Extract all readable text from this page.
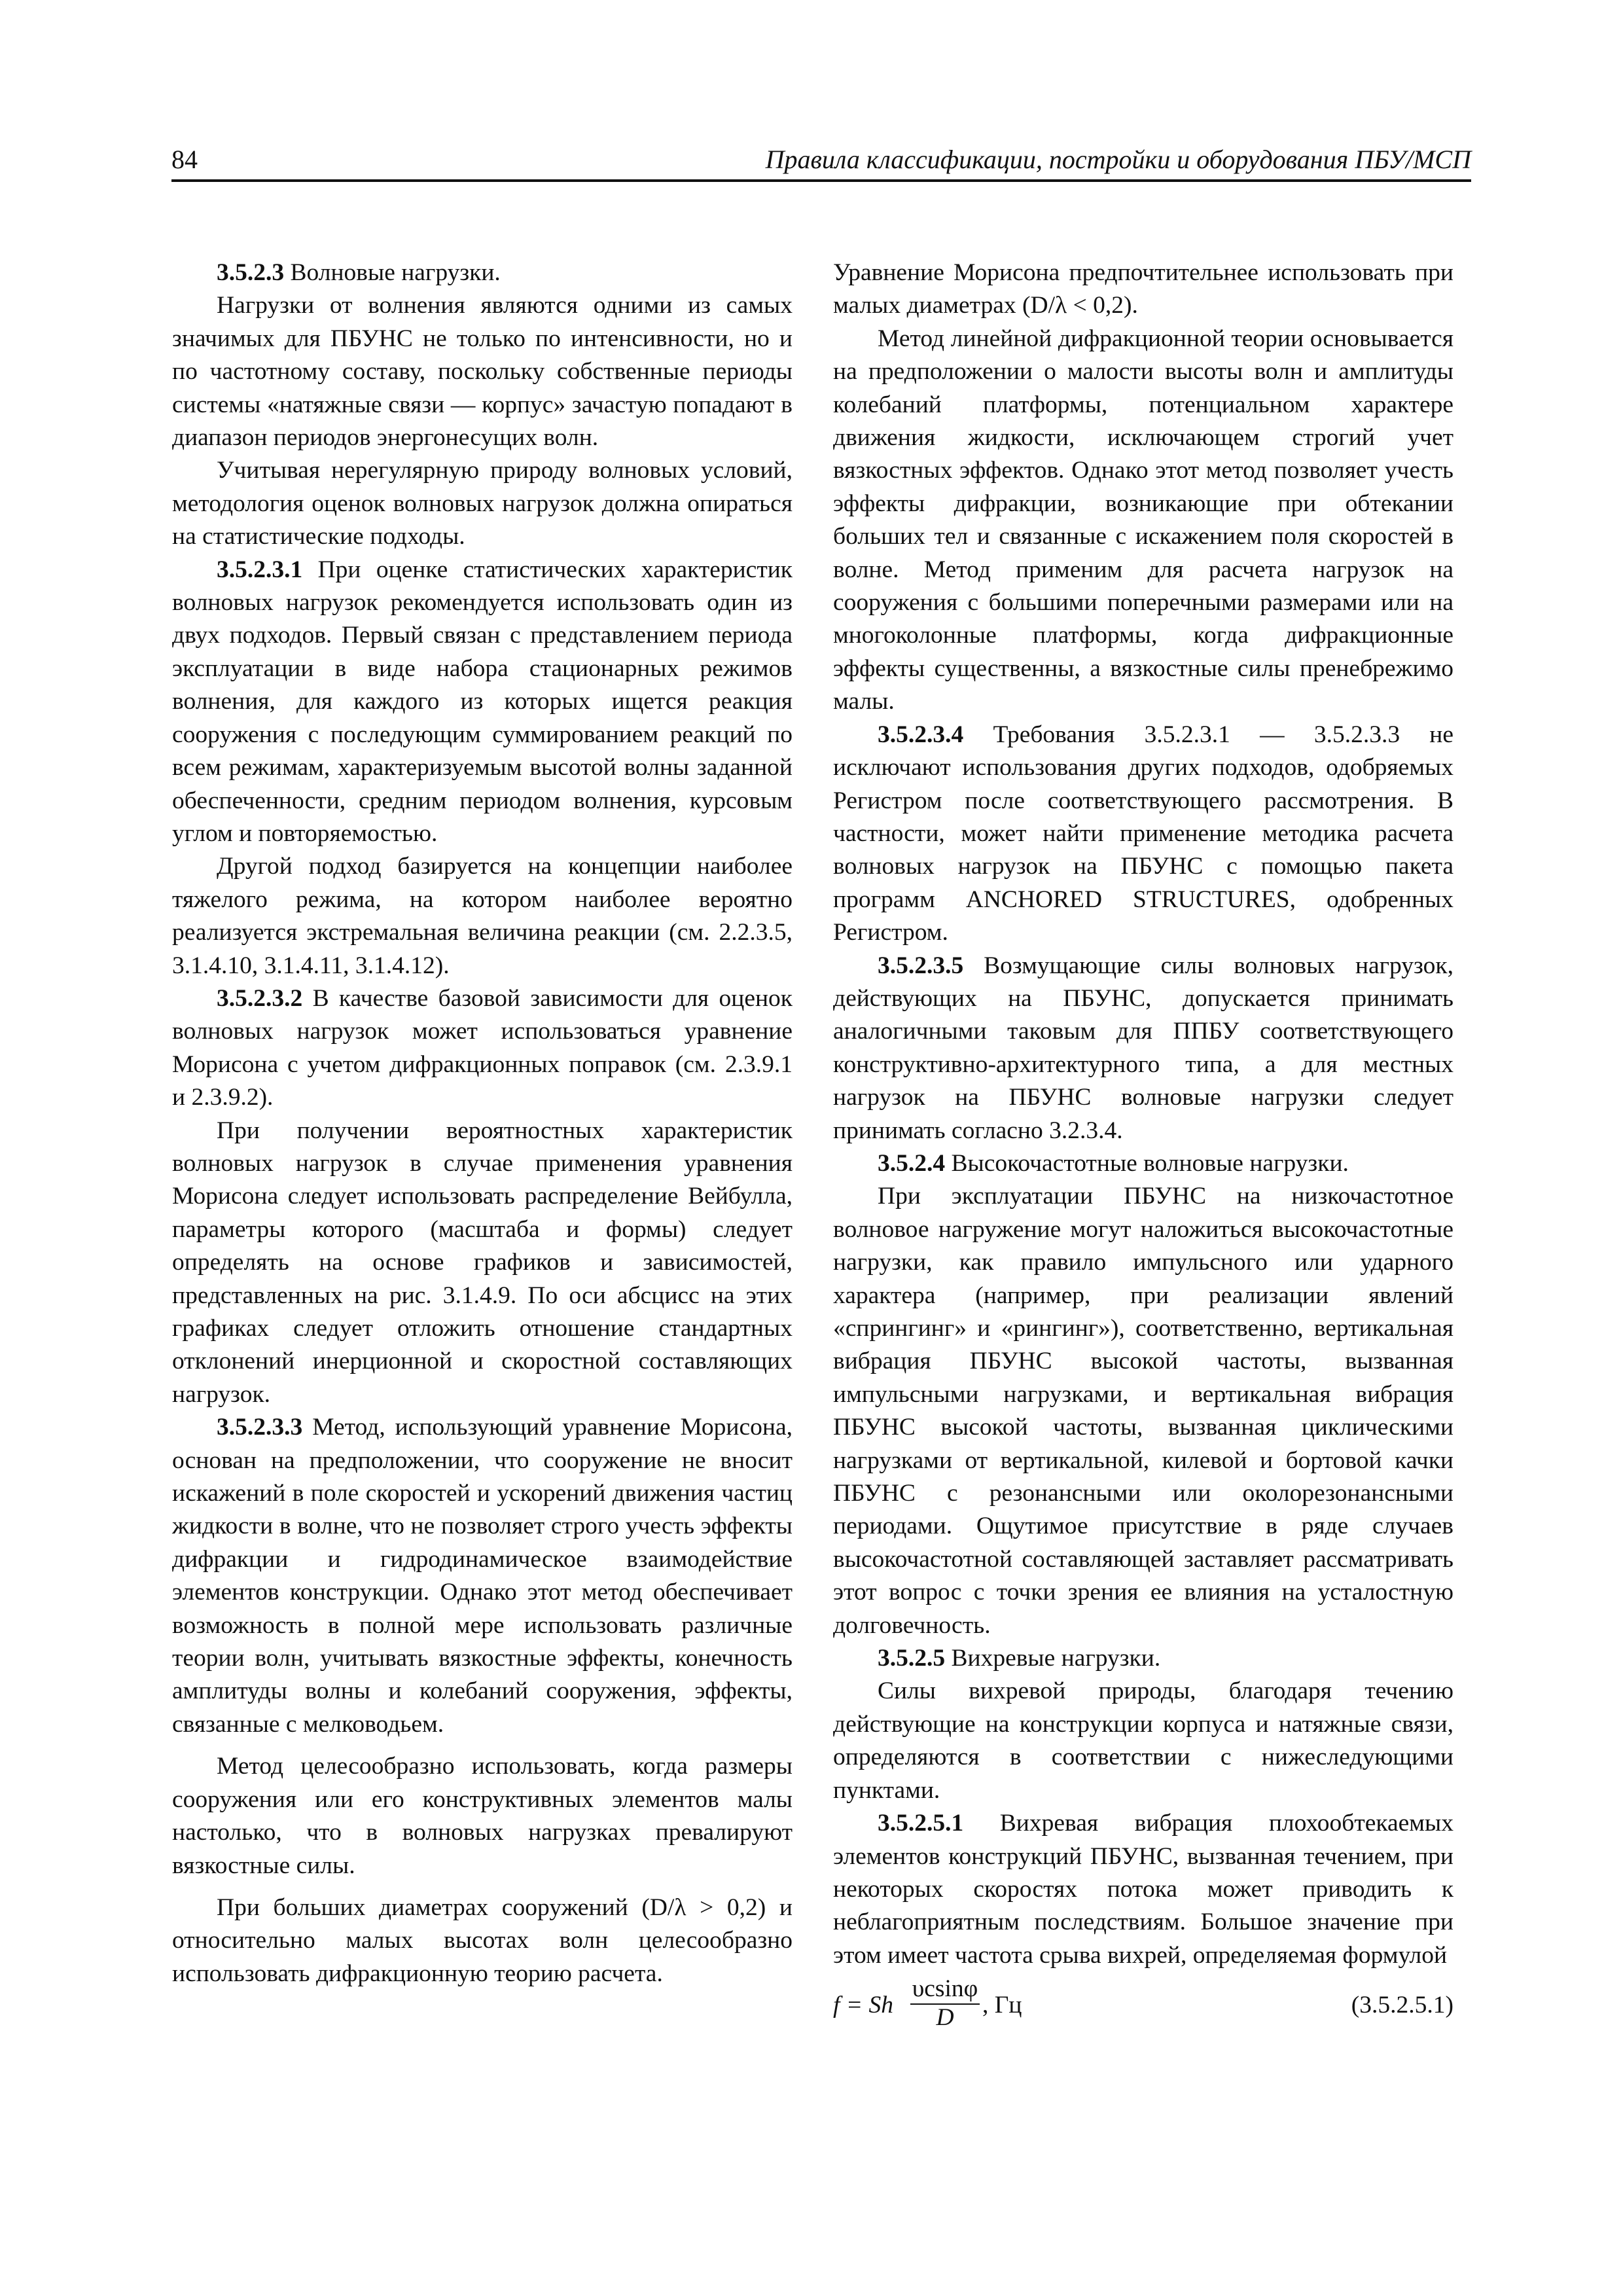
84	Правила классификации, постройки и оборудования ПБУ/МСП

3.5.2.3 Волновые нагрузки.

Нагрузки от волнения являются одними из самых значимых для ПБУНС не только по интенсивности, но и по частотному составу, поскольку собственные периоды системы «натяжные связи — корпус» зачастую попадают в диапазон периодов энергонесущих волн.

Учитывая нерегулярную природу волновых условий, методология оценок волновых нагрузок должна опираться на статистические подходы.

3.5.2.3.1 При оценке статистических характеристик волновых нагрузок рекомендуется использовать один из двух подходов. Первый связан с представлением периода эксплуатации в виде набора стационарных режимов волнения, для каждого из которых ищется реакция сооружения с последующим суммированием реакций по всем режимам, характеризуемым высотой волны заданной обеспеченности, средним периодом волнения, курсовым углом и повторяемостью.

Другой подход базируется на концепции наиболее тяжелого режима, на котором наиболее вероятно реализуется экстремальная величина реакции (см. 2.2.3.5, 3.1.4.10, 3.1.4.11, 3.1.4.12).

3.5.2.3.2 В качестве базовой зависимости для оценок волновых нагрузок может использоваться уравнение Морисона с учетом дифракционных поправок (см. 2.3.9.1 и 2.3.9.2).

При получении вероятностных характеристик волновых нагрузок в случае применения уравнения Морисона следует использовать распределение Вейбулла, параметры которого (масштаба и формы) следует определять на основе графиков и зависимостей, представленных на рис. 3.1.4.9. По оси абсцисс на этих графиках следует отложить отношение стандартных отклонений инерционной и скоростной составляющих нагрузок.

3.5.2.3.3 Метод, использующий уравнение Морисона, основан на предположении, что сооружение не вносит искажений в поле скоростей и ускорений движения частиц жидкости в волне, что не позволяет строго учесть эффекты дифракции и гидродинамическое взаимодействие элементов конструкции. Однако этот метод обеспечивает возможность в полной мере использовать различные теории волн, учитывать вязкостные эффекты, конечность амплитуды волны и колебаний сооружения, эффекты, связанные с мелководьем.

Метод целесообразно использовать, когда размеры сооружения или его конструктивных элементов малы настолько, что в волновых нагрузках превалируют вязкостные силы.

При больших диаметрах сооружений (D/λ > 0,2) и относительно малых высотах волн целесообразно использовать дифракционную теорию расчета.

Уравнение Морисона предпочтительнее использовать при малых диаметрах (D/λ < 0,2).

Метод линейной дифракционной теории основывается на предположении о малости высоты волн и амплитуды колебаний платформы, потенциальном характере движения жидкости, исключающем строгий учет вязкостных эффектов. Однако этот метод позволяет учесть эффекты дифракции, возникающие при обтекании больших тел и связанные с искажением поля скоростей в волне. Метод применим для расчета нагрузок на сооружения с большими поперечными размерами или на многоколонные платформы, когда дифракционные эффекты существенны, а вязкостные силы пренебрежимо малы.

3.5.2.3.4 Требования 3.5.2.3.1 — 3.5.2.3.3 не исключают использования других подходов, одобряемых Регистром после соответствующего рассмотрения. В частности, может найти применение методика расчета волновых нагрузок на ПБУНС с помощью пакета программ ANCHORED STRUCTURES, одобренных Регистром.

3.5.2.3.5 Возмущающие силы волновых нагрузок, действующих на ПБУНС, допускается принимать аналогичными таковым для ППБУ соответствующего конструктивно-архитектурного типа, а для местных нагрузок на ПБУНС волновые нагрузки следует принимать согласно 3.2.3.4.

3.5.2.4 Высокочастотные волновые нагрузки.

При эксплуатации ПБУНС на низкочастотное волновое нагружение могут наложиться высокочастотные нагрузки, как правило импульсного или ударного характера (например, при реализации явлений «спрингинг» и «рингинг»), соответственно, вертикальная вибрация ПБУНС высокой частоты, вызванная импульсными нагрузками, и вертикальная вибрация ПБУНС высокой частоты, вызванная циклическими нагрузками от вертикальной, килевой и бортовой качки ПБУНС с резонансными или околорезонансными периодами. Ощутимое присутствие в ряде случаев высокочастотной составляющей заставляет рассматривать этот вопрос с точки зрения ее влияния на усталостную долговечность.

3.5.2.5 Вихревые нагрузки.

Силы вихревой природы, благодаря течению действующие на конструкции корпуса и натяжные связи, определяются в соответствии с нижеследующими пунктами.

3.5.2.5.1 Вихревая вибрация плохообтекаемых элементов конструкций ПБУНС, вызванная течением, при некоторых скоростях потока может приводить к неблагоприятным последствиям. Большое значение при этом имеет частота срыва вихрей, определяемая формулой

f = Sh $\frac{\upsilon csin\varphi}{D}$ , Гц	(3.5.2.5.1)
